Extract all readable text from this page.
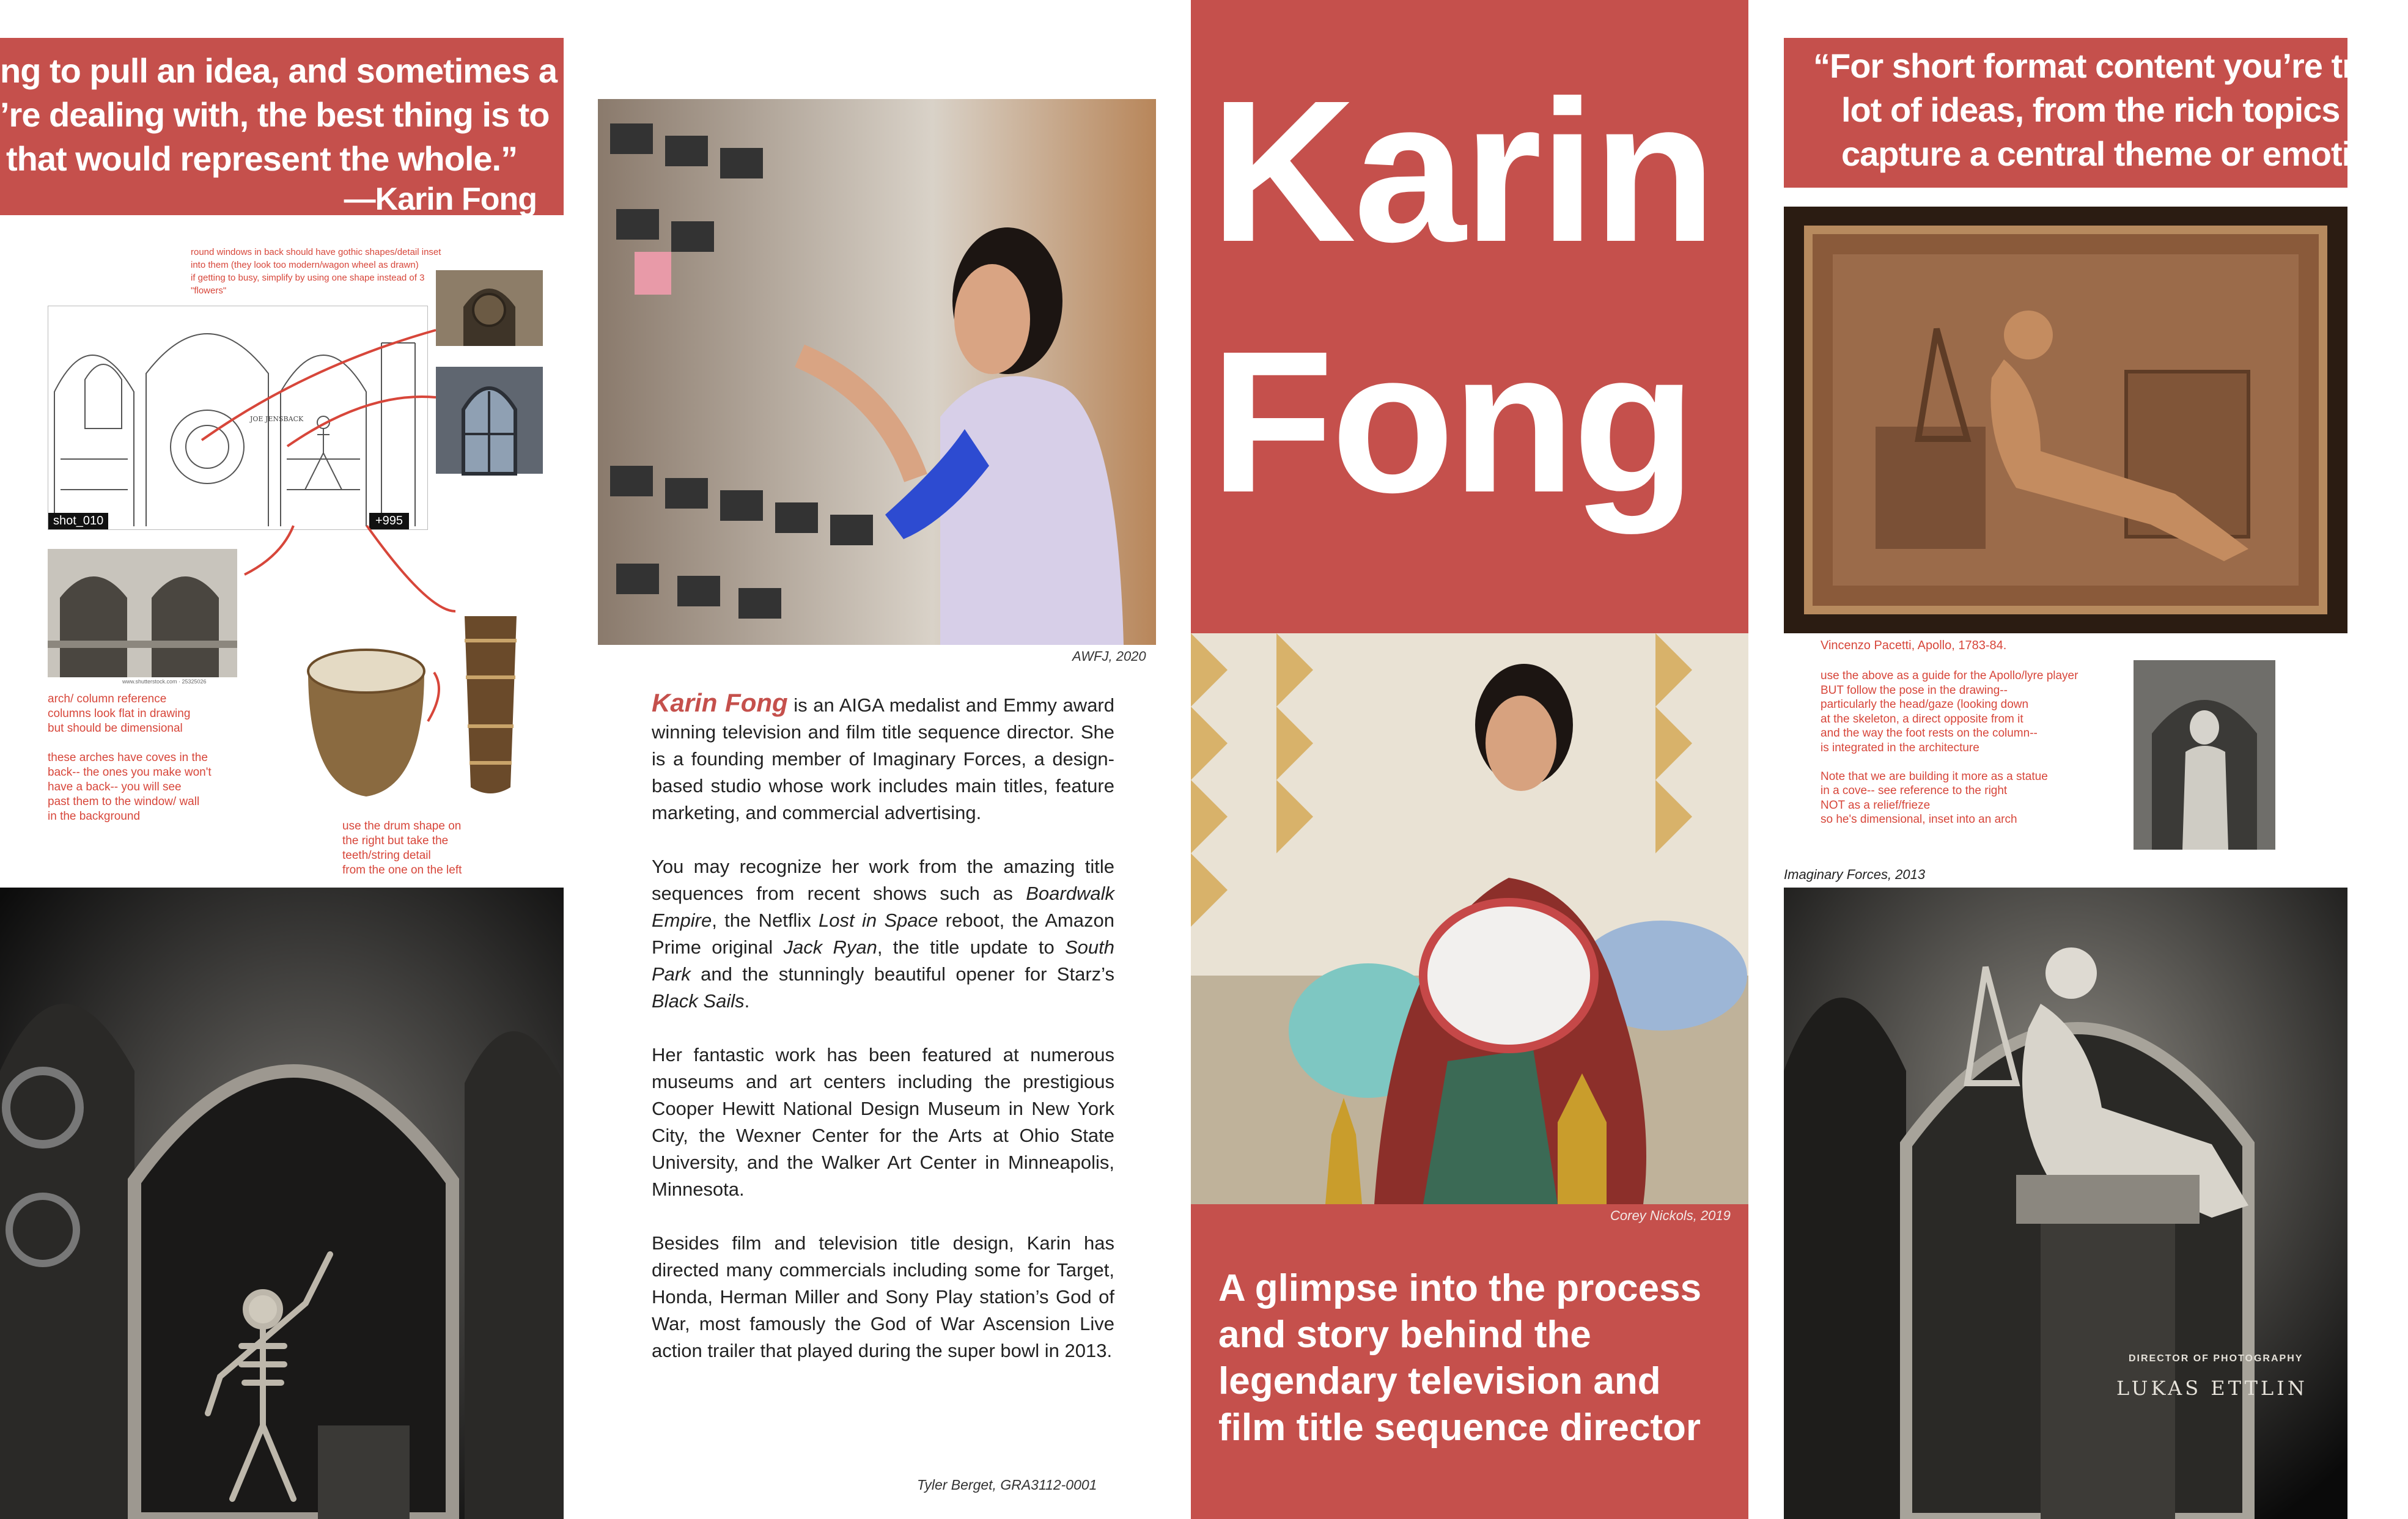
ng to pull an idea, and sometimes a
’re dealing with, the best thing is to
that would represent the whole.”
—Karin Fong
round windows in back should have gothic shapes/detail inset
into them (they look too modern/wagon wheel as drawn)
if getting to busy, simplify by using one shape instead of 3
"flowers"
shot_010	+995
JOE JENSBACK
www.shutterstock.com · 25325026
arch/ column reference
columns look flat in drawing
but should be dimensional

these arches have coves in the
back-- the ones you make won't
have a back-- you will see
past them to the window/ wall
in the background
use the drum shape on
the right but take the
teeth/string detail
from the one on the left
AWFJ, 2020

Karin Fong is an AIGA medalist and Emmy award winning television and film title sequence director. She is a founding member of Imaginary Forces, a design-based studio whose work includes main titles, feature marketing, and commercial advertising.

You may recognize her work from the amazing title sequences from recent shows such as Boardwalk Empire, the Netflix Lost in Space reboot, the Amazon Prime original Jack Ryan, the title update to South Park and the stunningly beautiful opener for Starz’s Black Sails.

Her fantastic work has been featured at numerous museums and art centers including the prestigious Cooper Hewitt National Design Museum in New York City, the Wexner Center for the Arts at Ohio State University, and the Walker Art Center in Minneapolis, Minnesota.

Besides film and television title design, Karin has directed many commercials including some for Target, Honda, Herman Miller and Sony Play station’s God of War, most famously the God of War Ascension Live action trailer that played during the super bowl in 2013.

Tyler Berget, GRA3112-0001
Karin
Fong
Corey Nickols, 2019
A glimpse into the process and story behind the legendary television and film title sequence director
“For short format content you’re tryi
lot of ideas, from the rich topics you
capture a central theme or emotion
Vincenzo Pacetti, Apollo, 1783-84.
use the above as a guide for the Apollo/lyre player
BUT follow the pose in the drawing--
particularly the head/gaze (looking down
at the skeleton, a direct opposite from it
and the way the foot rests on the column--
is integrated in the architecture

Note that we are building it more as a statue
in a cove-- see reference to the right
NOT as a relief/frieze
so he's dimensional, inset into an arch
Imaginary Forces, 2013
DIRECTOR OF PHOTOGRAPHY
LUKAS ETTLIN
